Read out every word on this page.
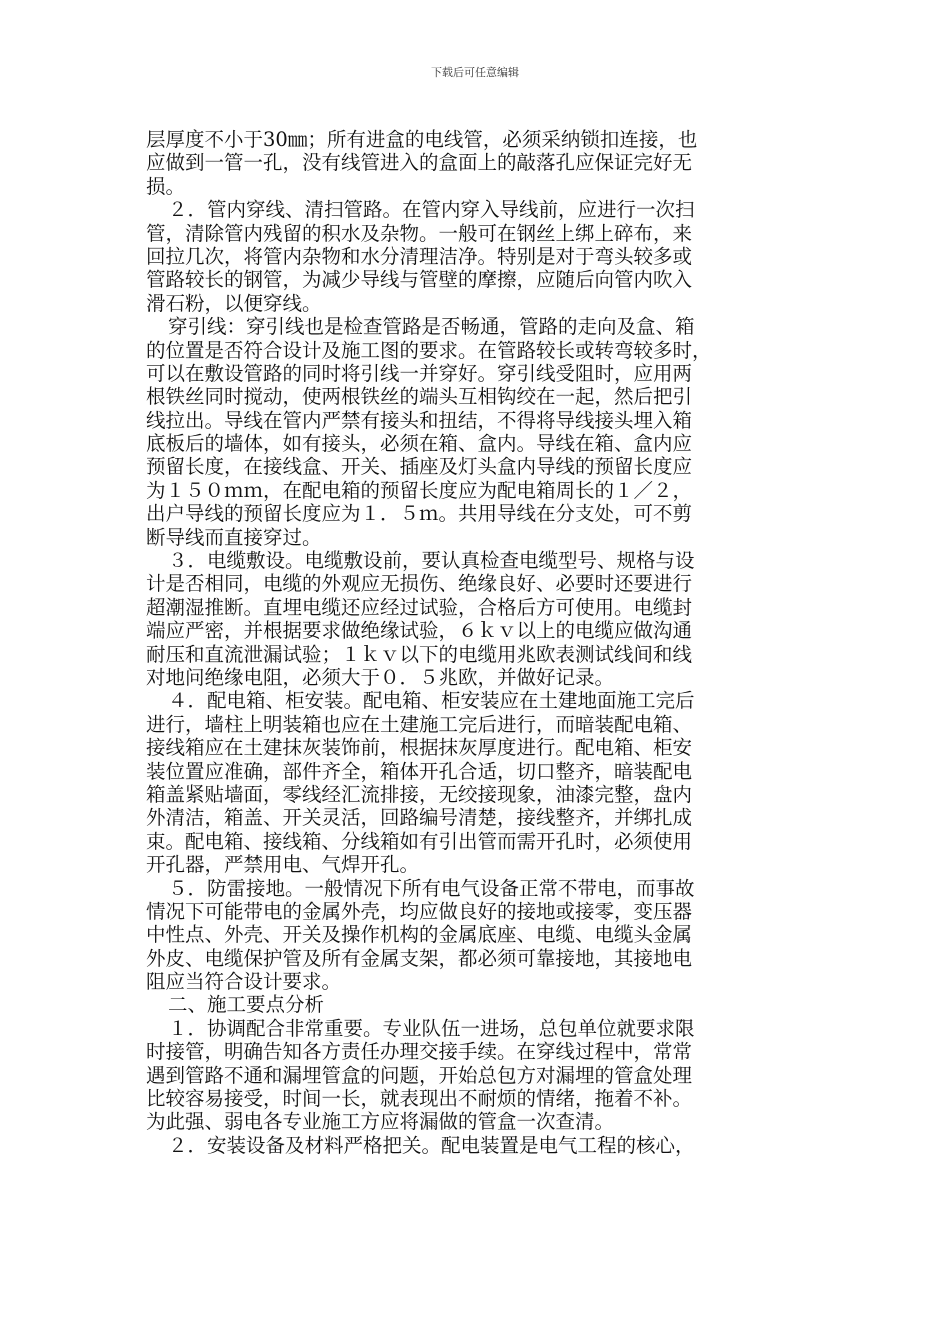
下载后可任意编辑
层厚度不小于30㎜；所有进盒的电线管，必须采纳锁扣连接，也
应做到一管一孔，没有线管进入的盒面上的敲落孔应保证完好无
损。
２．管内穿线、清扫管路。在管内穿入导线前，应进行一次扫
管，清除管内残留的积水及杂物。一般可在钢丝上绑上碎布，来
回拉几次，将管内杂物和水分清理洁净。特别是对于弯头较多或
管路较长的钢管，为减少导线与管壁的摩擦，应随后向管内吹入
滑石粉，以便穿线。
穿引线：穿引线也是检查管路是否畅通，管路的走向及盒、箱
的位置是否符合设计及施工图的要求。在管路较长或转弯较多时，
可以在敷设管路的同时将引线一并穿好。穿引线受阻时，应用两
根铁丝同时搅动，使两根铁丝的端头互相钩绞在一起，然后把引
线拉出。导线在管内严禁有接头和扭结，不得将导线接头埋入箱
底板后的墙体，如有接头，必须在箱、盒内。导线在箱、盒内应
预留长度，在接线盒、开关、插座及灯头盒内导线的预留长度应
为１５０ｍｍ，在配电箱的预留长度应为配电箱周长的１／２，
出户导线的预留长度应为１．５ｍ。共用导线在分支处，可不剪
断导线而直接穿过。
３．电缆敷设。电缆敷设前，要认真检查电缆型号、规格与设
计是否相同，电缆的外观应无损伤、绝缘良好、必要时还要进行
超潮湿推断。直埋电缆还应经过试验，合格后方可使用。电缆封
端应严密，并根据要求做绝缘试验，６ｋｖ以上的电缆应做沟通
耐压和直流泄漏试验；１ｋｖ以下的电缆用兆欧表测试线间和线
对地问绝缘电阻，必须大于０．５兆欧，并做好记录。
４．配电箱、柜安装。配电箱、柜安装应在土建地面施工完后
进行，墙柱上明装箱也应在土建施工完后进行，而暗装配电箱、
接线箱应在土建抹灰装饰前，根据抹灰厚度进行。配电箱、柜安
装位置应准确，部件齐全，箱体开孔合适，切口整齐，暗装配电
箱盖紧贴墙面，零线经汇流排接，无绞接现象，油漆完整，盘内
外清洁，箱盖、开关灵活，回路编号清楚，接线整齐，并绑扎成
束。配电箱、接线箱、分线箱如有引出管而需开孔时，必须使用
开孔器，严禁用电、气焊开孔。
５．防雷接地。一般情况下所有电气设备正常不带电，而事故
情况下可能带电的金属外壳，均应做良好的接地或接零，变压器
中性点、外壳、开关及操作机构的金属底座、电缆、电缆头金属
外皮、电缆保护管及所有金属支架，都必须可靠接地，其接地电
阻应当符合设计要求。
二、施工要点分析
１．协调配合非常重要。专业队伍一进场，总包单位就要求限
时接管，明确告知各方责任办理交接手续。在穿线过程中，常常
遇到管路不通和漏埋管盒的问题，开始总包方对漏埋的管盒处理
比较容易接受，时间一长，就表现出不耐烦的情绪，拖着不补。
为此强、弱电各专业施工方应将漏做的管盒一次查清。
２．安装设备及材料严格把关。配电装置是电气工程的核心，
